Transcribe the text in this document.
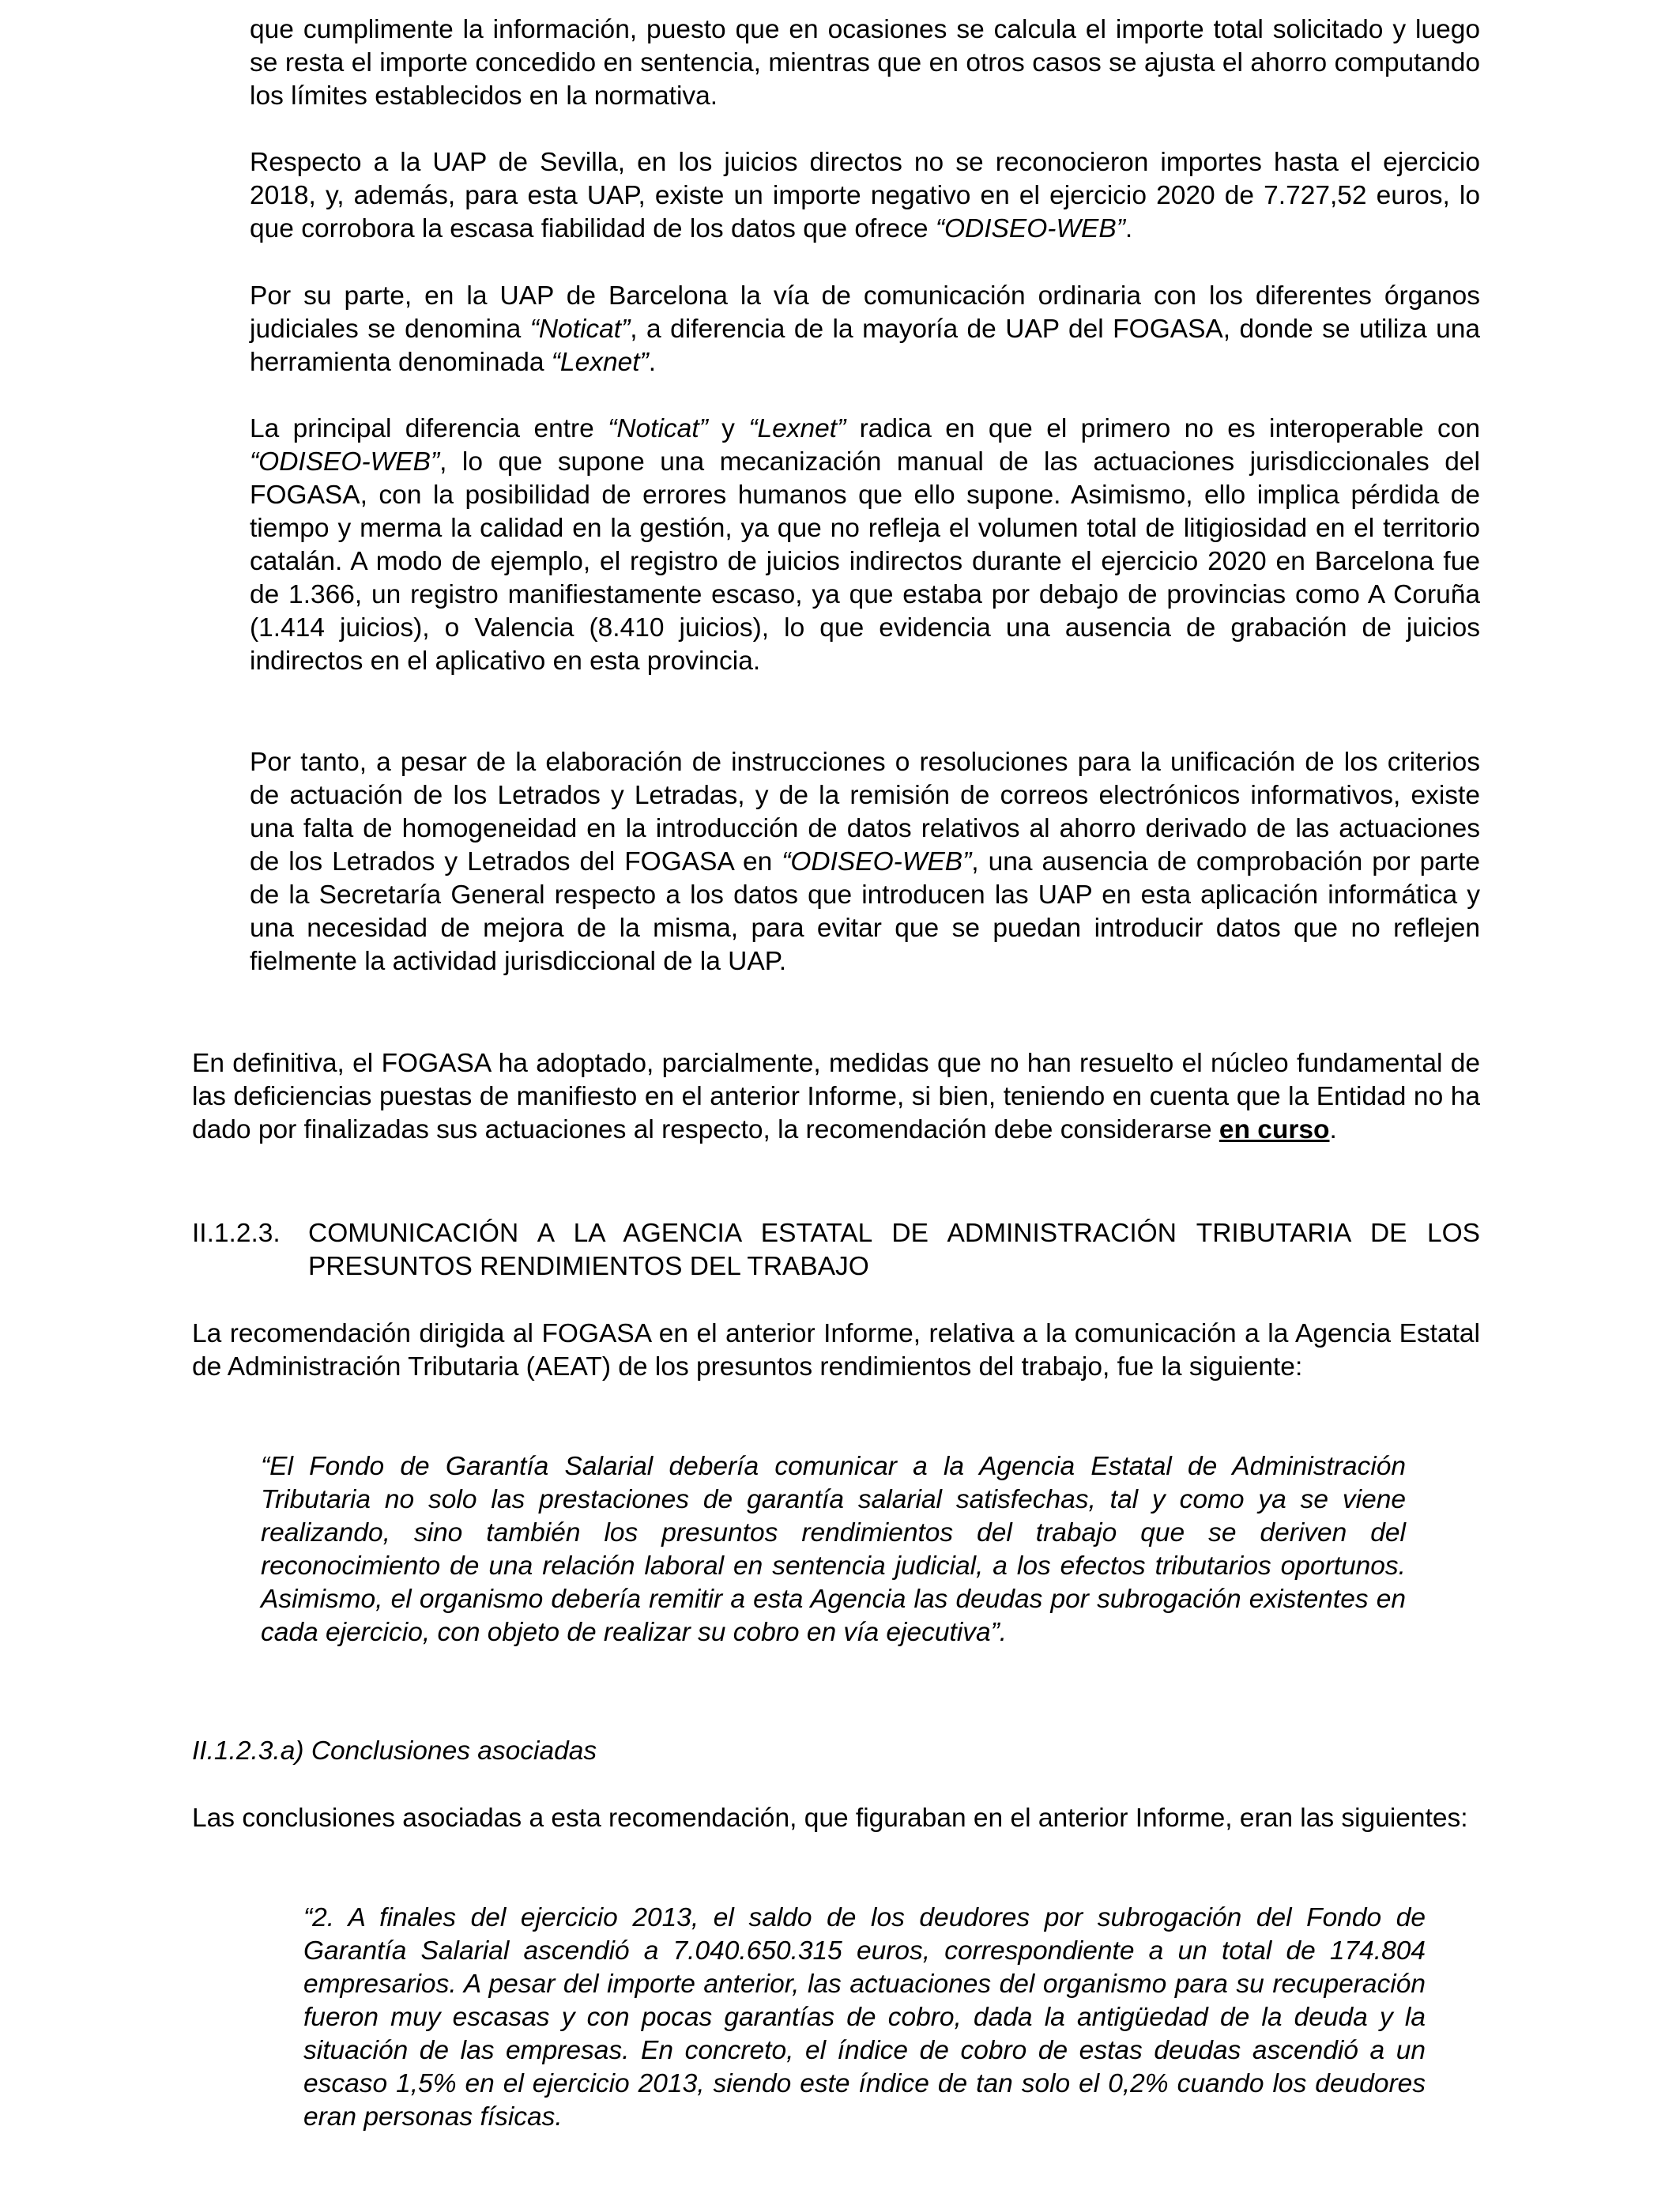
que cumplimente la información, puesto que en ocasiones se calcula el importe total solicitado y luego se resta el importe concedido en sentencia, mientras que en otros casos se ajusta el ahorro computando los límites establecidos en la normativa.

Respecto a la UAP de Sevilla, en los juicios directos no se reconocieron importes hasta el ejercicio 2018, y, además, para esta UAP, existe un importe negativo en el ejercicio 2020 de 7.727,52 euros, lo que corrobora la escasa fiabilidad de los datos que ofrece “ODISEO-WEB”.

Por su parte, en la UAP de Barcelona la vía de comunicación ordinaria con los diferentes órganos judiciales se denomina “Noticat”, a diferencia de la mayoría de UAP del FOGASA, donde se utiliza una herramienta denominada “Lexnet”.

La principal diferencia entre “Noticat” y “Lexnet” radica en que el primero no es interoperable con “ODISEO-WEB”, lo que supone una mecanización manual de las actuaciones jurisdiccionales del FOGASA, con la posibilidad de errores humanos que ello supone. Asimismo, ello implica pérdida de tiempo y merma la calidad en la gestión, ya que no refleja el volumen total de litigiosidad en el territorio catalán. A modo de ejemplo, el registro de juicios indirectos durante el ejercicio 2020 en Barcelona fue de 1.366, un registro manifiestamente escaso, ya que estaba por debajo de provincias como A Coruña (1.414 juicios), o Valencia (8.410 juicios), lo que evidencia una ausencia de grabación de juicios indirectos en el aplicativo en esta provincia.

Por tanto, a pesar de la elaboración de instrucciones o resoluciones para la unificación de los criterios de actuación de los Letrados y Letradas, y de la remisión de correos electrónicos informativos, existe una falta de homogeneidad en la introducción de datos relativos al ahorro derivado de las actuaciones de los Letrados y Letrados del FOGASA en “ODISEO-WEB”, una ausencia de comprobación por parte de la Secretaría General respecto a los datos que introducen las UAP en esta aplicación informática y una necesidad de mejora de la misma, para evitar que se puedan introducir datos que no reflejen fielmente la actividad jurisdiccional de la UAP.

En definitiva, el FOGASA ha adoptado, parcialmente, medidas que no han resuelto el núcleo fundamental de las deficiencias puestas de manifiesto en el anterior Informe, si bien, teniendo en cuenta que la Entidad no ha dado por finalizadas sus actuaciones al respecto, la recomendación debe considerarse en curso.

II.1.2.3. COMUNICACIÓN A LA AGENCIA ESTATAL DE ADMINISTRACIÓN TRIBUTARIA DE LOS PRESUNTOS RENDIMIENTOS DEL TRABAJO

La recomendación dirigida al FOGASA en el anterior Informe, relativa a la comunicación a la Agencia Estatal de Administración Tributaria (AEAT) de los presuntos rendimientos del trabajo, fue la siguiente:

“El Fondo de Garantía Salarial debería comunicar a la Agencia Estatal de Administración Tributaria no solo las prestaciones de garantía salarial satisfechas, tal y como ya se viene realizando, sino también los presuntos rendimientos del trabajo que se deriven del reconocimiento de una relación laboral en sentencia judicial, a los efectos tributarios oportunos. Asimismo, el organismo debería remitir a esta Agencia las deudas por subrogación existentes en cada ejercicio, con objeto de realizar su cobro en vía ejecutiva”.

II.1.2.3.a) Conclusiones asociadas

Las conclusiones asociadas a esta recomendación, que figuraban en el anterior Informe, eran las siguientes:

“2. A finales del ejercicio 2013, el saldo de los deudores por subrogación del Fondo de Garantía Salarial ascendió a 7.040.650.315 euros, correspondiente a un total de 174.804 empresarios. A pesar del importe anterior, las actuaciones del organismo para su recuperación fueron muy escasas y con pocas garantías de cobro, dada la antigüedad de la deuda y la situación de las empresas. En concreto, el índice de cobro de estas deudas ascendió a un escaso 1,5% en el ejercicio 2013, siendo este índice de tan solo el 0,2% cuando los deudores eran personas físicas.
